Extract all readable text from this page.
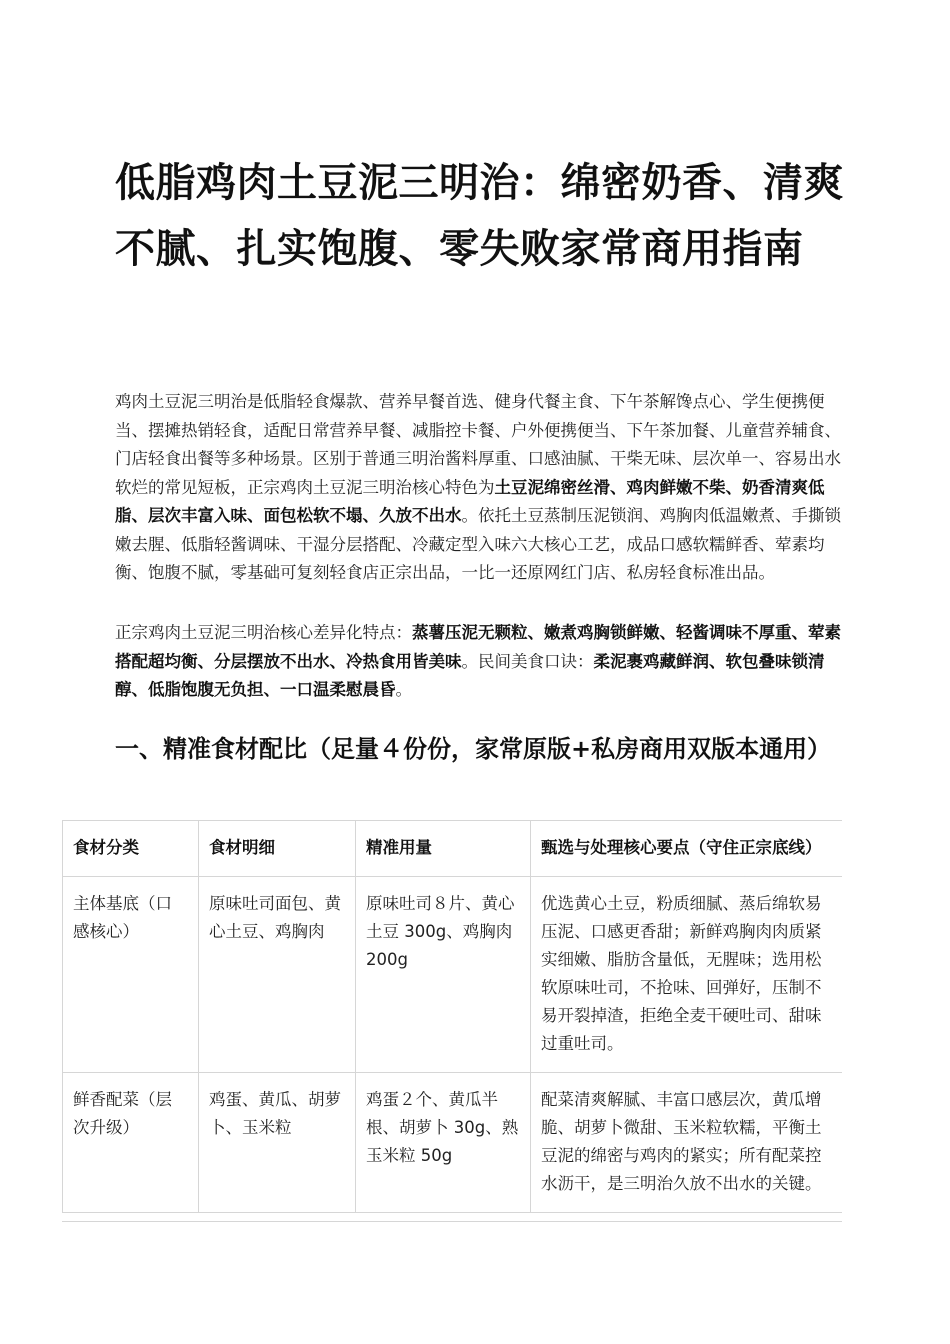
低脂鸡肉土豆泥三明治：绵密奶香、清爽不腻、扎实饱腹、零失败家常商用指南

鸡肉土豆泥三明治是低脂轻食爆款、营养早餐首选、健身代餐主食、下午茶解馋点心、学生便携便当、摆摊热销轻食，适配日常营养早餐、减脂控卡餐、户外便携便当、下午茶加餐、儿童营养辅食、门店轻食出餐等多种场景。区别于普通三明治酱料厚重、口感油腻、干柴无味、层次单一、容易出水软烂的常见短板，正宗鸡肉土豆泥三明治核心特色为土豆泥绵密丝滑、鸡肉鲜嫩不柴、奶香清爽低脂、层次丰富入味、面包松软不塌、久放不出水。依托土豆蒸制压泥锁润、鸡胸肉低温嫩煮、手撕锁嫩去腥、低脂轻酱调味、干湿分层搭配、冷藏定型入味六大核心工艺，成品口感软糯鲜香、荤素均衡、饱腹不腻，零基础可复刻轻食店正宗出品，一比一还原网红门店、私房轻食标准出品。

正宗鸡肉土豆泥三明治核心差异化特点：蒸薯压泥无颗粒、嫩煮鸡胸锁鲜嫩、轻酱调味不厚重、荤素搭配超均衡、分层摆放不出水、冷热食用皆美味。民间美食口诀：柔泥裹鸡藏鲜润、软包叠味锁清醇、低脂饱腹无负担、一口温柔慰晨昏。

一、精准食材配比（足量４份份，家常原版+私房商用双版本通用）
食材分类	食材明细	精准用量	甄选与处理核心要点（守住正宗底线）
主体基底（口感核心）	原味吐司面包、黄心土豆、鸡胸肉	原味吐司８片、黄心土豆 300g、鸡胸肉 200g	优选黄心土豆，粉质细腻、蒸后绵软易压泥、口感更香甜；新鲜鸡胸肉肉质紧实细嫩、脂肪含量低，无腥味；选用松软原味吐司，不抢味、回弹好，压制不易开裂掉渣，拒绝全麦干硬吐司、甜味过重吐司。
鲜香配菜（层次升级）	鸡蛋、黄瓜、胡萝卜、玉米粒	鸡蛋２个、黄瓜半根、胡萝卜 30g、熟玉米粒 50g	配菜清爽解腻、丰富口感层次，黄瓜增脆、胡萝卜微甜、玉米粒软糯，平衡土豆泥的绵密与鸡肉的紧实；所有配菜控水沥干，是三明治久放不出水的关键。
